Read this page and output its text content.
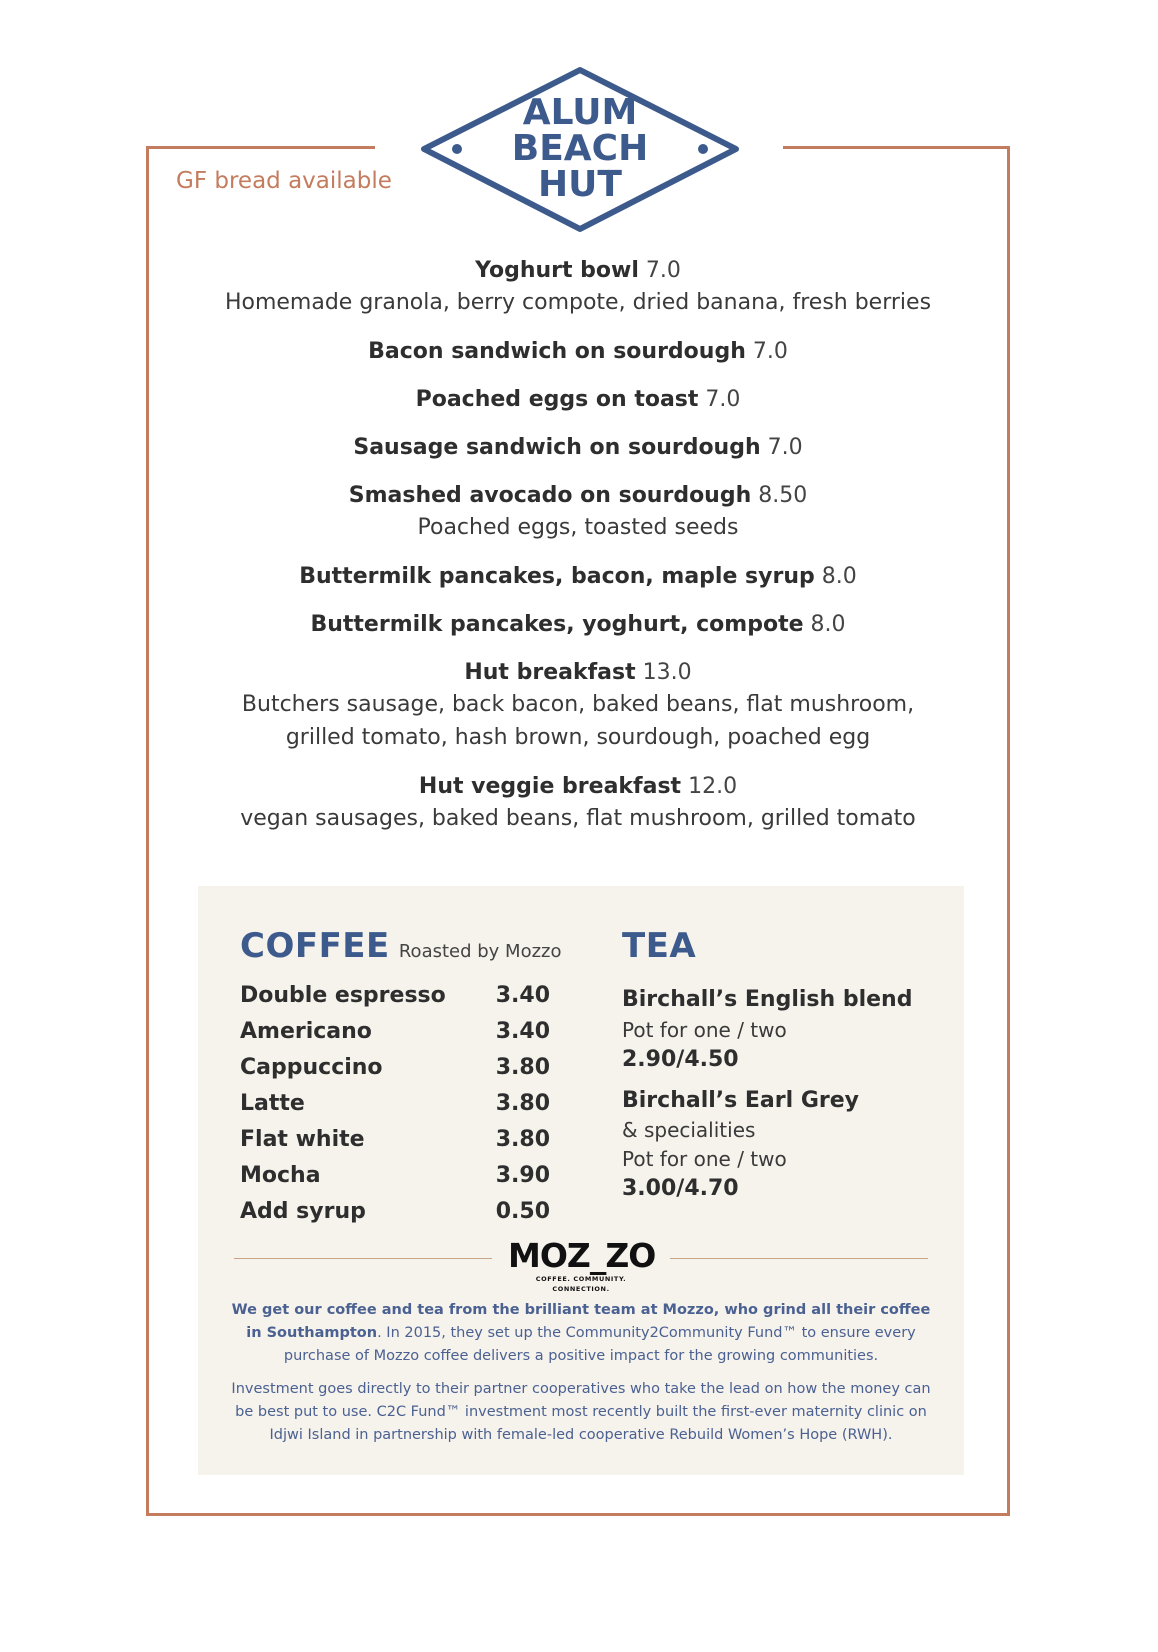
ALUM
BEACH
HUT
GF bread available
Yoghurt bowl 7.0
Homemade granola, berry compote, dried banana, fresh berries
Bacon sandwich on sourdough 7.0
Poached eggs on toast 7.0
Sausage sandwich on sourdough 7.0
Smashed avocado on sourdough 8.50
Poached eggs, toasted seeds
Buttermilk pancakes, bacon, maple syrup 8.0
Buttermilk pancakes, yoghurt, compote 8.0
Hut breakfast 13.0
Butchers sausage, back bacon, baked beans, flat mushroom,
grilled tomato, hash brown, sourdough, poached egg
Hut veggie breakfast 12.0
vegan sausages, baked beans, flat mushroom, grilled tomato
COFFEE Roasted by Mozzo
Double espresso 3.40
Americano	3.40
Cappuccino	3.80
Latte	3.80
Flat white	3.80
Mocha	3.90
Add syrup	0.50
TEA
Birchall’s English blend
Pot for one / two
2.90/4.50
Birchall’s Earl Grey
& specialities
Pot for one / two
3.00/4.70
MOZ_ZO
COFFEE. COMMUNITY. CONNECTION.

We get our coffee and tea from the brilliant team at Mozzo, who grind all their coffee in Southampton. In 2015, they set up the Community2Community Fund™ to ensure every purchase of Mozzo coffee delivers a positive impact for the growing communities.

Investment goes directly to their partner cooperatives who take the lead on how the money can be best put to use. C2C Fund™ investment most recently built the first-ever maternity clinic on Idjwi Island in partnership with female-led cooperative Rebuild Women’s Hope (RWH).
